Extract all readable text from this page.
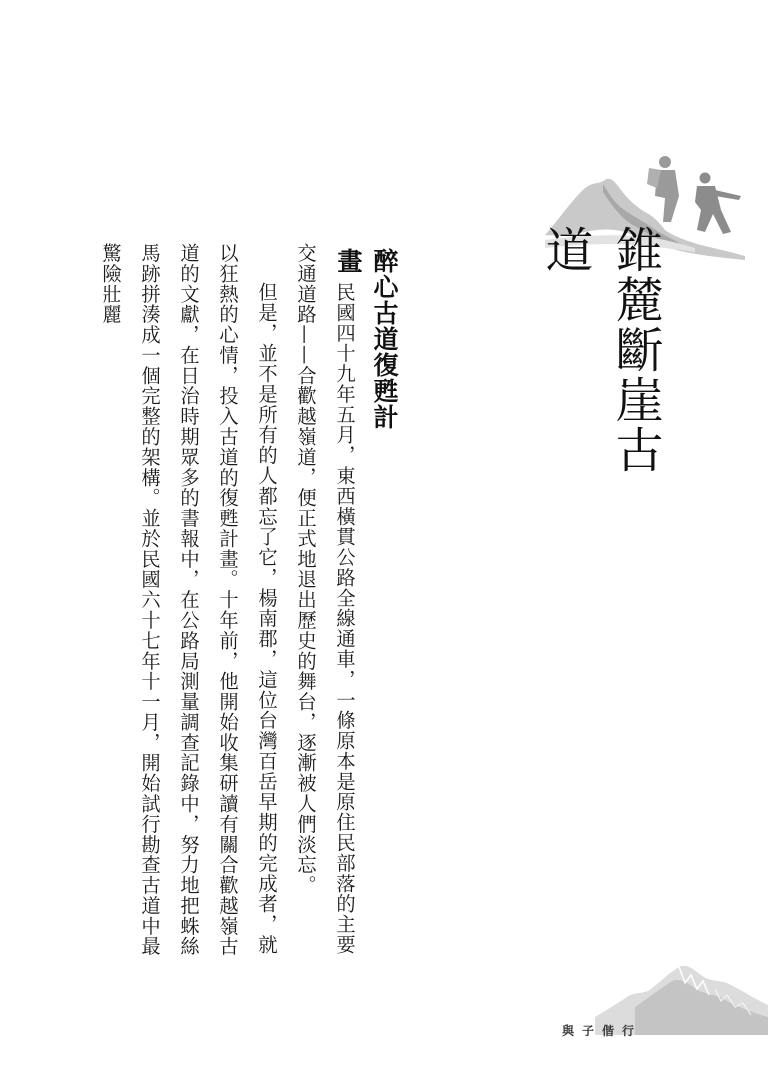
錐麓斷崖古道
醉心古道復甦計畫

民國四十九年五月，東西橫貫公路全線通車，一條原本是原住民部落的主要交通道路——合歡越嶺道，便正式地退出歷史的舞台，逐漸被人們淡忘。

但是，並不是所有的人都忘了它，楊南郡，這位台灣百岳早期的完成者，就以狂熱的心情，投入古道的復甦計畫。十年前，他開始收集研讀有關合歡越嶺古道的文獻，在日治時期眾多的書報中，在公路局測量調查記錄中，努力地把蛛絲馬跡拼湊成一個完整的架構。並於民國六十七年十一月，開始試行勘查古道中最驚險壯麗

與子偕行
